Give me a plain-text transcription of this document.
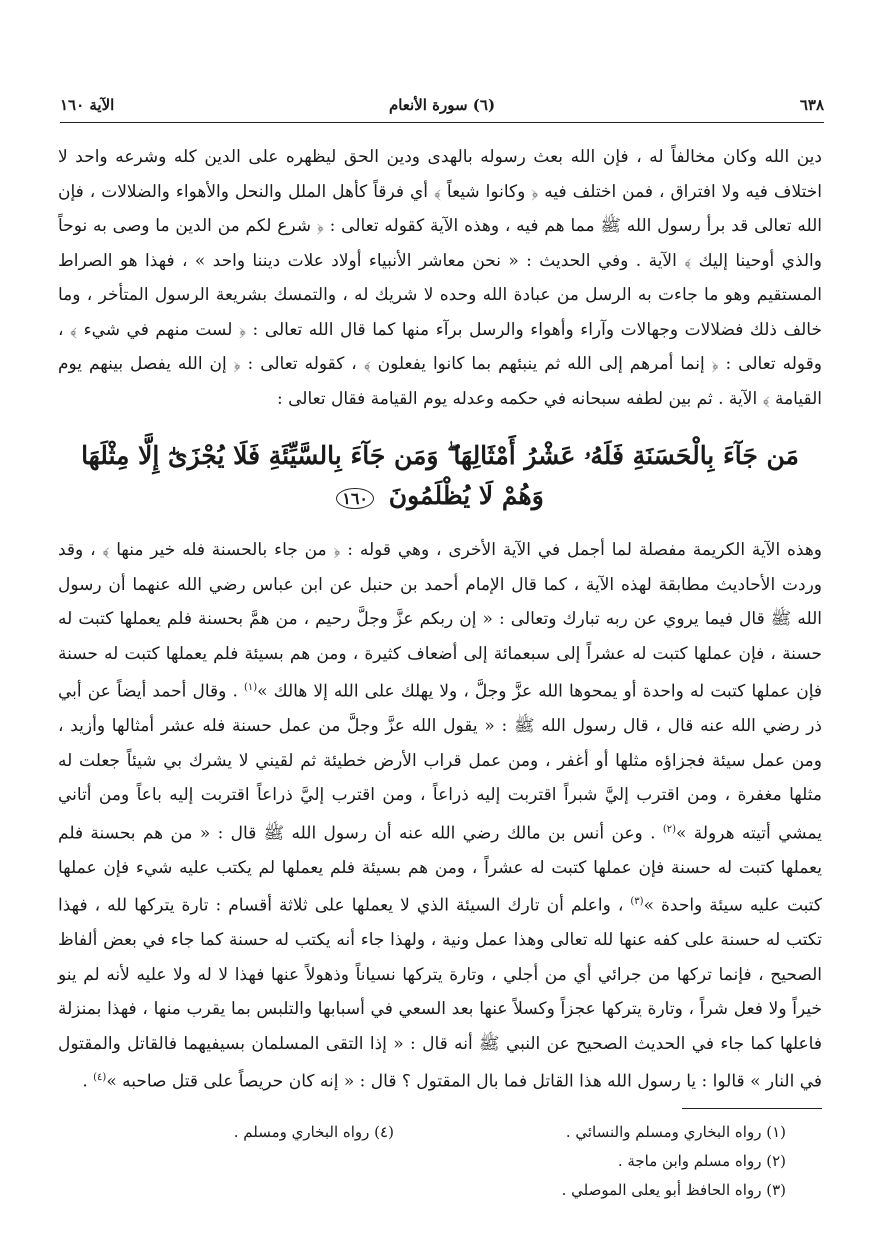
٦٣٨
(٦) سورة الأنعام
الآية ١٦٠

دين الله وكان مخالفاً له ، فإن الله بعث رسوله بالهدى ودين الحق ليظهره على الدين كله وشرعه واحد لا اختلاف فيه ولا افتراق ، فمن اختلف فيه ﴿ وكانوا شيعاً ﴾ أي فرقاً كأهل الملل والنحل والأهواء والضلالات ، فإن الله تعالى قد برأ رسول الله ﷺ مما هم فيه ، وهذه الآية كقوله تعالى : ﴿ شرع لكم من الدين ما وصى به نوحاً والذي أوحينا إليك ﴾ الآية . وفي الحديث : « نحن معاشر الأنبياء أولاد علات ديننا واحد » ، فهذا هو الصراط المستقيم وهو ما جاءت به الرسل من عبادة الله وحده لا شريك له ، والتمسك بشريعة الرسول المتأخر ، وما خالف ذلك فضلالات وجهالات وآراء وأهواء والرسل برآء منها كما قال الله تعالى : ﴿ لست منهم في شيء ﴾ ، وقوله تعالى : ﴿ إنما أمرهم إلى الله ثم ينبئهم بما كانوا يفعلون ﴾ ، كقوله تعالى : ﴿ إن الله يفصل بينهم يوم القيامة ﴾ الآية . ثم بين لطفه سبحانه في حكمه وعدله يوم القيامة فقال تعالى :

مَن جَآءَ بِالْحَسَنَةِ فَلَهُۥ عَشْرُ أَمْثَالِهَا ۖ وَمَن جَآءَ بِالسَّيِّئَةِ فَلَا يُجْزَىٰٓ إِلَّا مِثْلَهَا وَهُمْ لَا يُظْلَمُونَ ١٦٠

وهذه الآية الكريمة مفصلة لما أجمل في الآية الأخرى ، وهي قوله : ﴿ من جاء بالحسنة فله خير منها ﴾ ، وقد وردت الأحاديث مطابقة لهذه الآية ، كما قال الإمام أحمد بن حنبل عن ابن عباس رضي الله عنهما أن رسول الله ﷺ قال فيما يروي عن ربه تبارك وتعالى : « إن ربكم عزَّ وجلَّ رحيم ، من همَّ بحسنة فلم يعملها كتبت له حسنة ، فإن عملها كتبت له عشراً إلى سبعمائة إلى أضعاف كثيرة ، ومن هم بسيئة فلم يعملها كتبت له حسنة فإن عملها كتبت له واحدة أو يمحوها الله عزَّ وجلَّ ، ولا يهلك على الله إلا هالك »$^{(١)}$ . وقال أحمد أيضاً عن أبي ذر رضي الله عنه قال ، قال رسول الله ﷺ : « يقول الله عزَّ وجلَّ من عمل حسنة فله عشر أمثالها وأزيد ، ومن عمل سيئة فجزاؤه مثلها أو أغفر ، ومن عمل قراب الأرض خطيئة ثم لقيني لا يشرك بي شيئاً جعلت له مثلها مغفرة ، ومن اقترب إليَّ شبراً اقتربت إليه ذراعاً ، ومن اقترب إليَّ ذراعاً اقتربت إليه باعاً ومن أتاني يمشي أتيته هرولة »$^{(٢)}$ . وعن أنس بن مالك رضي الله عنه أن رسول الله ﷺ قال : « من هم بحسنة فلم يعملها كتبت له حسنة فإن عملها كتبت له عشراً ، ومن هم بسيئة فلم يعملها لم يكتب عليه شيء فإن عملها كتبت عليه سيئة واحدة »$^{(٣)}$ ، واعلم أن تارك السيئة الذي لا يعملها على ثلاثة أقسام : تارة يتركها لله ، فهذا تكتب له حسنة على كفه عنها لله تعالى وهذا عمل ونية ، ولهذا جاء أنه يكتب له حسنة كما جاء في بعض ألفاظ الصحيح ، فإنما تركها من جرائي أي من أجلي ، وتارة يتركها نسياناً وذهولاً عنها فهذا لا له ولا عليه لأنه لم ينو خيراً ولا فعل شراً ، وتارة يتركها عجزاً وكسلاً عنها بعد السعي في أسبابها والتلبس بما يقرب منها ، فهذا بمنزلة فاعلها كما جاء في الحديث الصحيح عن النبي ﷺ أنه قال : « إذا التقى المسلمان بسيفيهما فالقاتل والمقتول في النار » قالوا : يا رسول الله هذا القاتل فما بال المقتول ؟ قال : « إنه كان حريصاً على قتل صاحبه »$^{(٤)}$ .

(١) رواه البخاري ومسلم والنسائي .
(٤) رواه البخاري ومسلم .
(٢) رواه مسلم وابن ماجة .
(٣) رواه الحافظ أبو يعلى الموصلي .
